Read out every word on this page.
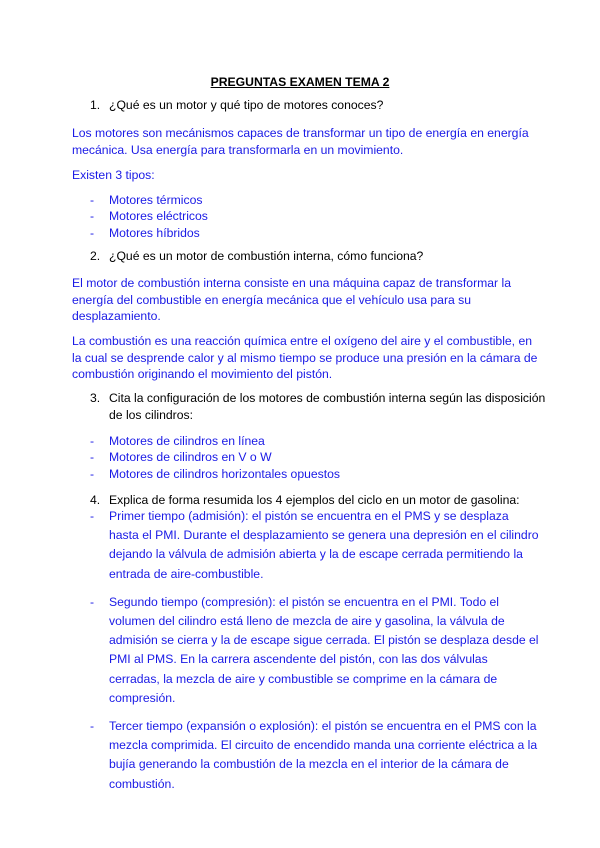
PREGUNTAS EXAMEN TEMA 2
1. ¿Qué es un motor y qué tipo de motores conoces?
Los motores son mecánismos capaces de transformar un tipo de energía en energía mecánica. Usa energía para transformarla en un movimiento.
Existen 3 tipos:
- Motores térmicos
- Motores eléctricos
- Motores híbridos
2. ¿Qué es un motor de combustión interna, cómo funciona?
El motor de combustión interna consiste en una máquina capaz de transformar la energía del combustible en energía mecánica que el vehículo usa para su desplazamiento.
La combustión es una reacción química entre el oxígeno del aire y el combustible, en la cual se desprende calor y al mismo tiempo se produce una presión en la cámara de combustión originando el movimiento del pistón.
3. Cita la configuración de los motores de combustión interna según las disposición de los cilindros:
- Motores de cilindros en línea
- Motores de cilindros en V o W
- Motores de cilindros horizontales opuestos
4. Explica de forma resumida los 4 ejemplos del ciclo en un motor de gasolina:
- Primer tiempo (admisión): el pistón se encuentra en el PMS y se desplaza hasta el PMI. Durante el desplazamiento se genera una depresión en el cilindro dejando la válvula de admisión abierta y la de escape cerrada permitiendo la entrada de aire-combustible.
- Segundo tiempo (compresión): el pistón se encuentra en el PMI. Todo el volumen del cilindro está lleno de mezcla de aire y gasolina, la válvula de admisión se cierra y la de escape sigue cerrada. El pistón se desplaza desde el PMI al PMS. En la carrera ascendente del pistón, con las dos válvulas cerradas, la mezcla de aire y combustible se comprime en la cámara de compresión.
- Tercer tiempo (expansión o explosión): el pistón se encuentra en el PMS con la mezcla comprimida. El circuito de encendido manda una corriente eléctrica a la bujía generando la combustión de la mezcla en el interior de la cámara de combustión.
